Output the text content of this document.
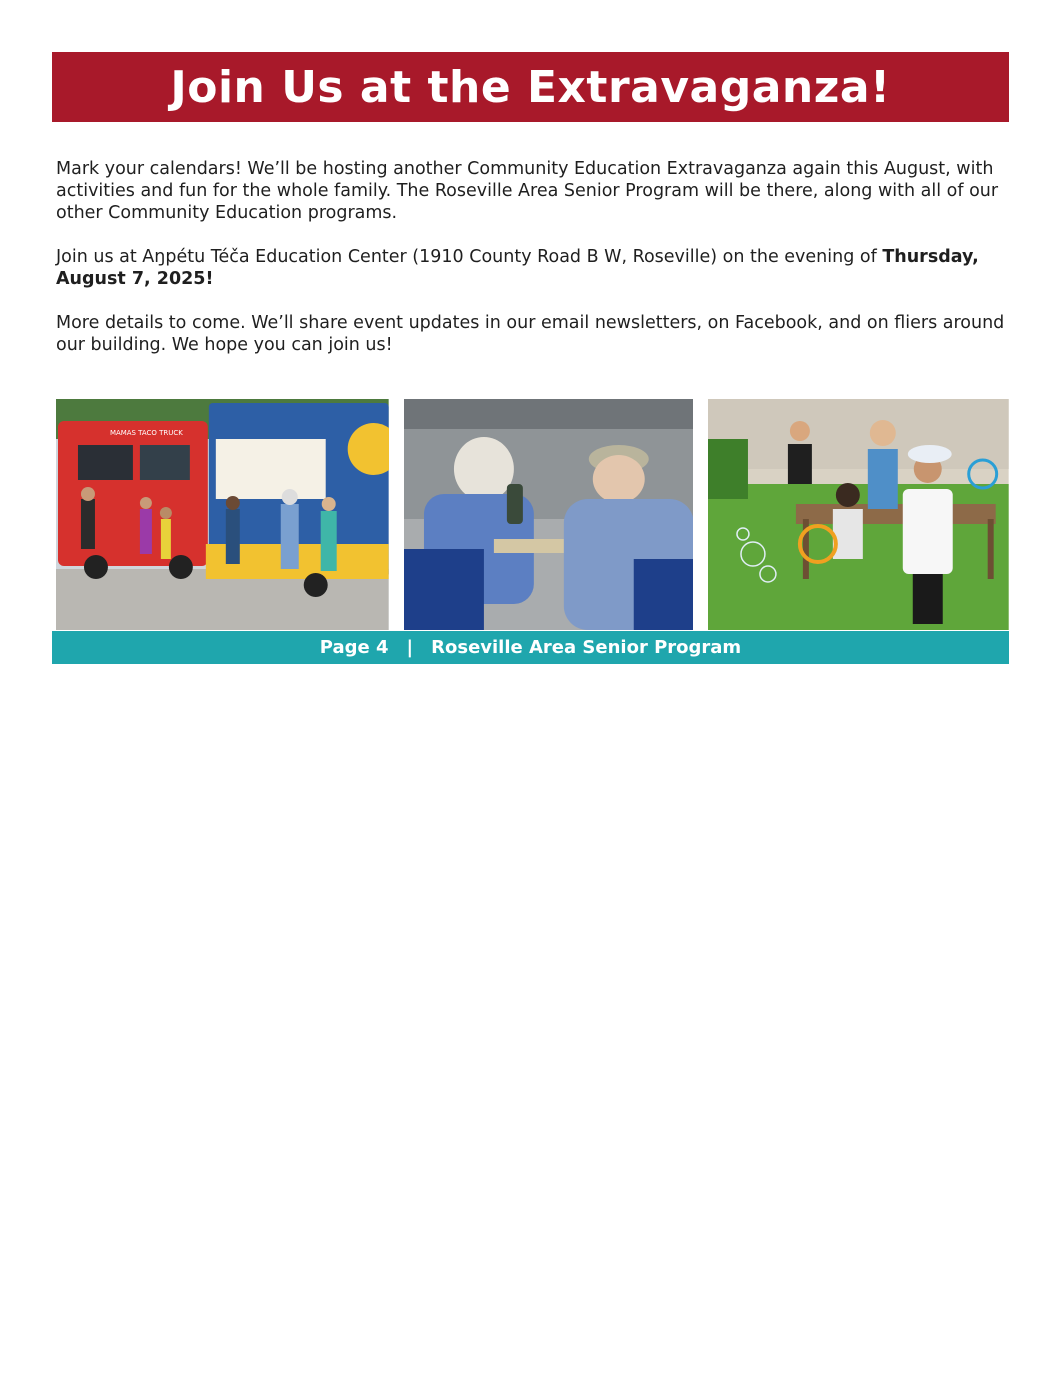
Join Us at the Extravaganza!

Mark your calendars! We’ll be hosting another Community Education Extravaganza again this August, with activities and fun for the whole family. The Roseville Area Senior Program will be there, along with all of our other Community Education programs.

Join us at Aŋpétu Téča Education Center (1910 County Road B W, Roseville) on the evening of Thursday, August 7, 2025!

More details to come. We’ll share event updates in our email newsletters, on Facebook, and on fliers around our building. We hope you can join us!

MAMAS TACO TRUCK
Page 4 | Roseville Area Senior Program
